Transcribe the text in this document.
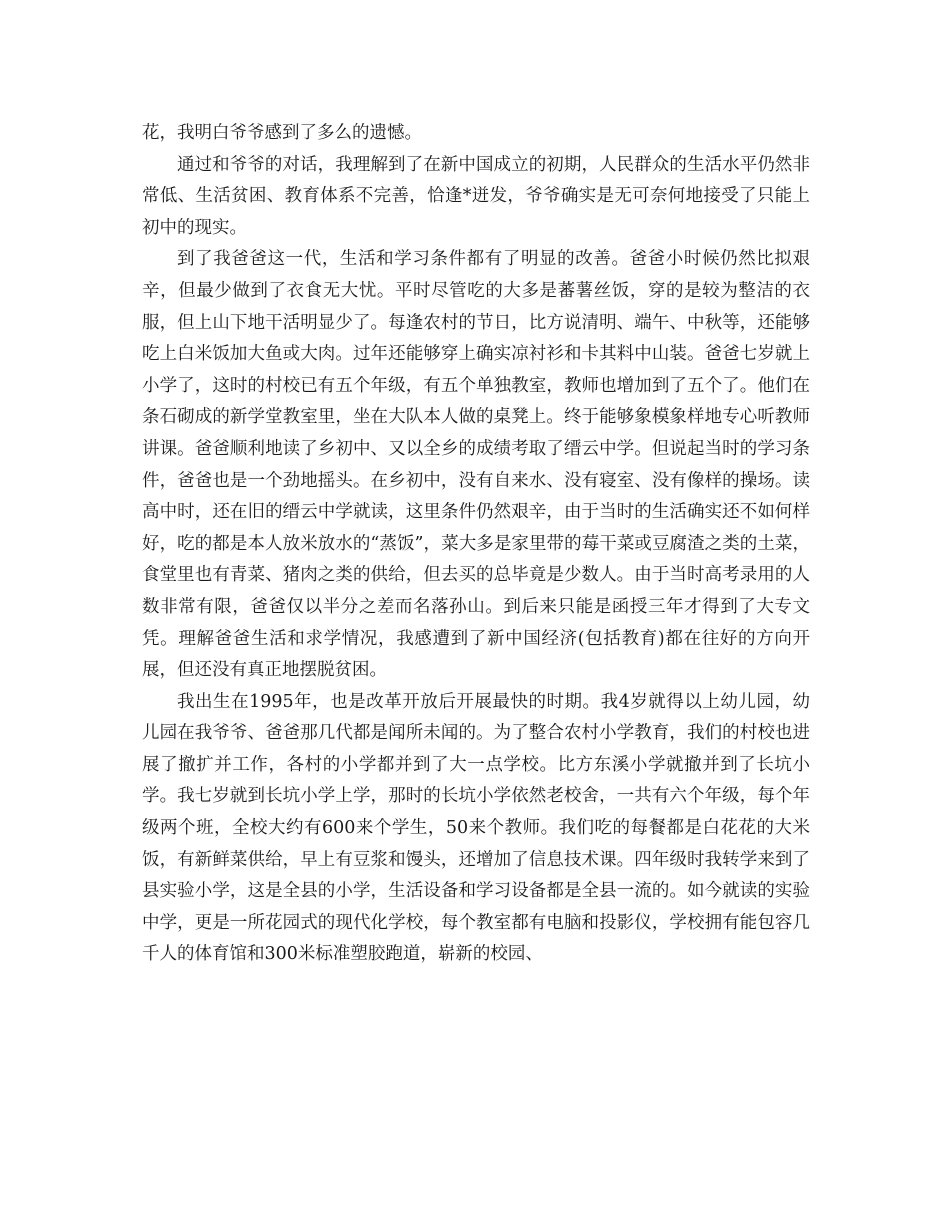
花，我明白爷爷感到了多么的遗憾。

通过和爷爷的对话，我理解到了在新中国成立的初期，人民群众的生活水平仍然非常低、生活贫困、教育体系不完善，恰逢*迸发，爷爷确实是无可奈何地接受了只能上初中的现实。

到了我爸爸这一代，生活和学习条件都有了明显的改善。爸爸小时候仍然比拟艰辛，但最少做到了衣食无大忧。平时尽管吃的大多是蕃薯丝饭，穿的是较为整洁的衣服，但上山下地干活明显少了。每逢农村的节日，比方说清明、端午、中秋等，还能够吃上白米饭加大鱼或大肉。过年还能够穿上确实凉衬衫和卡其料中山装。爸爸七岁就上小学了，这时的村校已有五个年级，有五个单独教室，教师也增加到了五个了。他们在条石砌成的新学堂教室里，坐在大队本人做的桌凳上。终于能够象模象样地专心听教师讲课。爸爸顺利地读了乡初中、又以全乡的成绩考取了缙云中学。但说起当时的学习条件，爸爸也是一个劲地摇头。在乡初中，没有自来水、没有寝室、没有像样的操场。读高中时，还在旧的缙云中学就读，这里条件仍然艰辛，由于当时的生活确实还不如何样好，吃的都是本人放米放水的“蒸饭”，菜大多是家里带的莓干菜或豆腐渣之类的土菜，食堂里也有青菜、猪肉之类的供给，但去买的总毕竟是少数人。由于当时高考录用的人数非常有限，爸爸仅以半分之差而名落孙山。到后来只能是函授三年才得到了大专文凭。理解爸爸生活和求学情况，我感遭到了新中国经济(包括教育)都在往好的方向开展，但还没有真正地摆脱贫困。

我出生在1995年，也是改革开放后开展最快的时期。我4岁就得以上幼儿园，幼儿园在我爷爷、爸爸那几代都是闻所未闻的。为了整合农村小学教育，我们的村校也进展了撤扩并工作，各村的小学都并到了大一点学校。比方东溪小学就撤并到了长坑小学。我七岁就到长坑小学上学，那时的长坑小学依然老校舍，一共有六个年级，每个年级两个班，全校大约有600来个学生，50来个教师。我们吃的每餐都是白花花的大米饭，有新鲜菜供给，早上有豆浆和馒头，还增加了信息技术课。四年级时我转学来到了县实验小学，这是全县的小学，生活设备和学习设备都是全县一流的。如今就读的实验中学，更是一所花园式的现代化学校，每个教室都有电脑和投影仪，学校拥有能包容几千人的体育馆和300米标准塑胶跑道，崭新的校园、
